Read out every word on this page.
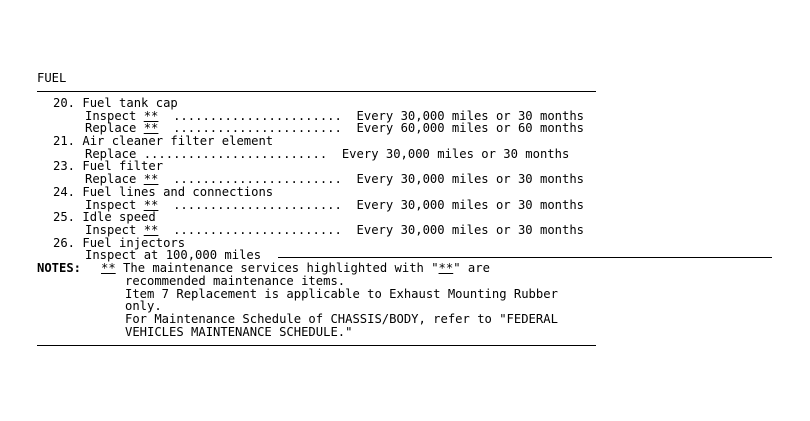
FUEL
20. Fuel tank cap
Inspect ** ....................... Every 30,000 miles or 30 months
Replace ** ....................... Every 60,000 miles or 60 months
21. Air cleaner filter element
Replace ......................... Every 30,000 miles or 30 months
23. Fuel filter
Replace ** ....................... Every 30,000 miles or 30 months
24. Fuel lines and connections
Inspect ** ....................... Every 30,000 miles or 30 months
25. Idle speed
Inspect ** ....................... Every 30,000 miles or 30 months
26. Fuel injectors
Inspect at 100,000 miles
NOTES: ** The maintenance services highlighted with "**" are
recommended maintenance items.
Item 7 Replacement is applicable to Exhaust Mounting Rubber
only.
For Maintenance Schedule of CHASSIS/BODY, refer to "FEDERAL
VEHICLES MAINTENANCE SCHEDULE."
